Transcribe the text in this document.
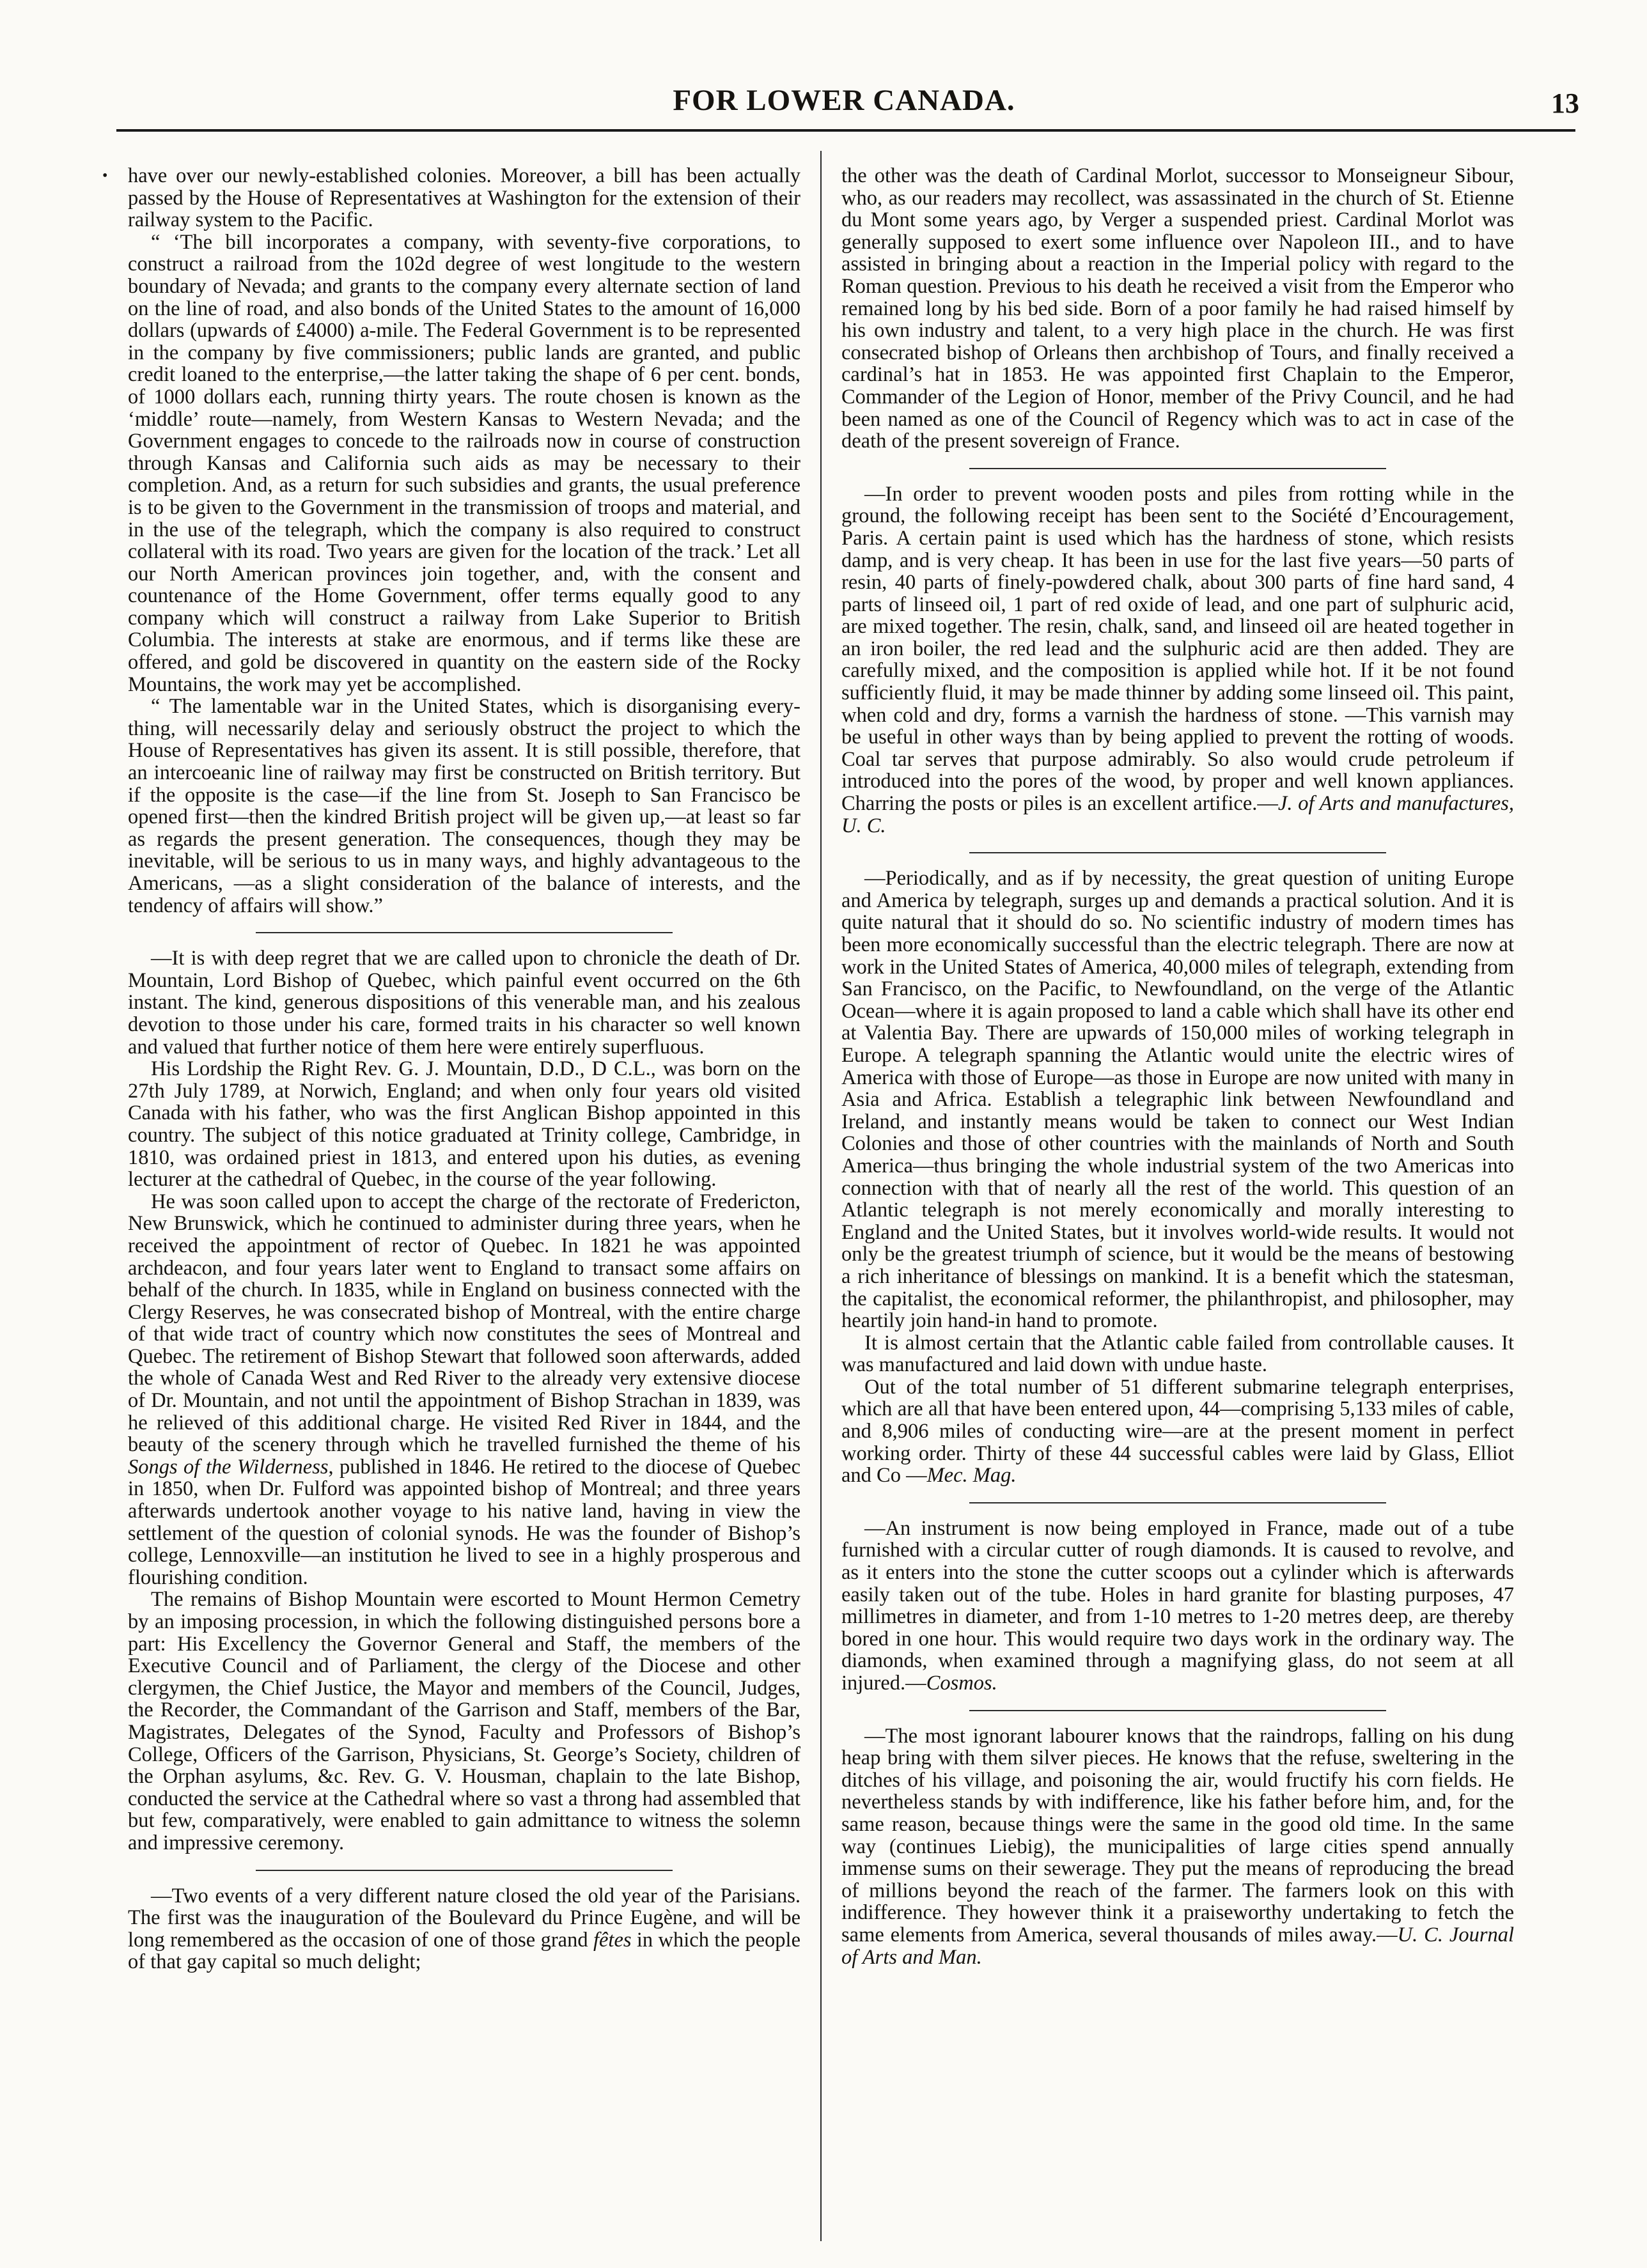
FOR LOWER CANADA.	13
• have over our newly-established colonies. Moreover, a bill has been actually passed by the House of Representatives at Washington for the extension of their railway system to the Pacific.

“ ‘The bill incorporates a company, with seventy-five corporations, to construct a railroad from the 102d degree of west longitude to the western boundary of Nevada; and grants to the company every alternate section of land on the line of road, and also bonds of the United States to the amount of 16,000 dollars (upwards of £4000) a-mile. The Federal Government is to be represented in the company by five commissioners; public lands are granted, and public credit loaned to the enterprise,—the latter taking the shape of 6 per cent. bonds, of 1000 dollars each, running thirty years. The route chosen is known as the ‘middle’ route—namely, from Western Kansas to Western Nevada; and the Government engages to concede to the railroads now in course of construction through Kansas and California such aids as may be necessary to their completion. And, as a return for such subsidies and grants, the usual preference is to be given to the Government in the transmission of troops and material, and in the use of the telegraph, which the company is also required to construct collateral with its road. Two years are given for the location of the track.’ Let all our North American provinces join together, and, with the consent and countenance of the Home Government, offer terms equally good to any company which will construct a railway from Lake Superior to British Columbia. The interests at stake are enormous, and if terms like these are offered, and gold be discovered in quantity on the eastern side of the Rocky Mountains, the work may yet be accomplished.

“ The lamentable war in the United States, which is disorganising every-thing, will necessarily delay and seriously obstruct the project to which the House of Representatives has given its assent. It is still possible, therefore, that an intercoeanic line of railway may first be constructed on British territory. But if the opposite is the case—if the line from St. Joseph to San Francisco be opened first—then the kindred British project will be given up,—at least so far as regards the present generation. The consequences, though they may be inevitable, will be serious to us in many ways, and highly advantageous to the Americans, —as a slight consideration of the balance of interests, and the tendency of affairs will show.”

—It is with deep regret that we are called upon to chronicle the death of Dr. Mountain, Lord Bishop of Quebec, which painful event occurred on the 6th instant. The kind, generous dispositions of this venerable man, and his zealous devotion to those under his care, formed traits in his character so well known and valued that further notice of them here were entirely superfluous.

His Lordship the Right Rev. G. J. Mountain, D.D., D C.L., was born on the 27th July 1789, at Norwich, England; and when only four years old visited Canada with his father, who was the first Anglican Bishop appointed in this country. The subject of this notice graduated at Trinity college, Cambridge, in 1810, was ordained priest in 1813, and entered upon his duties, as evening lecturer at the cathedral of Quebec, in the course of the year following.

He was soon called upon to accept the charge of the rectorate of Fredericton, New Brunswick, which he continued to administer during three years, when he received the appointment of rector of Quebec. In 1821 he was appointed archdeacon, and four years later went to England to transact some affairs on behalf of the church. In 1835, while in England on business connected with the Clergy Reserves, he was consecrated bishop of Montreal, with the entire charge of that wide tract of country which now constitutes the sees of Montreal and Quebec. The retirement of Bishop Stewart that followed soon afterwards, added the whole of Canada West and Red River to the already very extensive diocese of Dr. Mountain, and not until the appointment of Bishop Strachan in 1839, was he relieved of this additional charge. He visited Red River in 1844, and the beauty of the scenery through which he travelled furnished the theme of his Songs of the Wilderness, published in 1846. He retired to the diocese of Quebec in 1850, when Dr. Fulford was appointed bishop of Montreal; and three years afterwards undertook another voyage to his native land, having in view the settlement of the question of colonial synods. He was the founder of Bishop’s college, Lennoxville—an institution he lived to see in a highly prosperous and flourishing condition.

The remains of Bishop Mountain were escorted to Mount Hermon Cemetry by an imposing procession, in which the following distinguished persons bore a part: His Excellency the Governor General and Staff, the members of the Executive Council and of Parliament, the clergy of the Diocese and other clergymen, the Chief Justice, the Mayor and members of the Council, Judges, the Recorder, the Commandant of the Garrison and Staff, members of the Bar, Magistrates, Delegates of the Synod, Faculty and Professors of Bishop’s College, Officers of the Garrison, Physicians, St. George’s Society, children of the Orphan asylums, &c. Rev. G. V. Housman, chaplain to the late Bishop, conducted the service at the Cathedral where so vast a throng had assembled that but few, comparatively, were enabled to gain admittance to witness the solemn and impressive ceremony.

—Two events of a very different nature closed the old year of the Parisians. The first was the inauguration of the Boulevard du Prince Eugène, and will be long remembered as the occasion of one of those grand fêtes in which the people of that gay capital so much delight;

the other was the death of Cardinal Morlot, successor to Monseigneur Sibour, who, as our readers may recollect, was assassinated in the church of St. Etienne du Mont some years ago, by Verger a suspended priest. Cardinal Morlot was generally supposed to exert some influence over Napoleon III., and to have assisted in bringing about a reaction in the Imperial policy with regard to the Roman question. Previous to his death he received a visit from the Emperor who remained long by his bed side. Born of a poor family he had raised himself by his own industry and talent, to a very high place in the church. He was first consecrated bishop of Orleans then archbishop of Tours, and finally received a cardinal’s hat in 1853. He was appointed first Chaplain to the Emperor, Commander of the Legion of Honor, member of the Privy Council, and he had been named as one of the Council of Regency which was to act in case of the death of the present sovereign of France.

—In order to prevent wooden posts and piles from rotting while in the ground, the following receipt has been sent to the Société d’Encouragement, Paris. A certain paint is used which has the hardness of stone, which resists damp, and is very cheap. It has been in use for the last five years—50 parts of resin, 40 parts of finely-powdered chalk, about 300 parts of fine hard sand, 4 parts of linseed oil, 1 part of red oxide of lead, and one part of sulphuric acid, are mixed together. The resin, chalk, sand, and linseed oil are heated together in an iron boiler, the red lead and the sulphuric acid are then added. They are carefully mixed, and the composition is applied while hot. If it be not found sufficiently fluid, it may be made thinner by adding some linseed oil. This paint, when cold and dry, forms a varnish the hardness of stone. —This varnish may be useful in other ways than by being applied to prevent the rotting of woods. Coal tar serves that purpose admirably. So also would crude petroleum if introduced into the pores of the wood, by proper and well known appliances. Charring the posts or piles is an excellent artifice.—J. of Arts and manufactures, U. C.

—Periodically, and as if by necessity, the great question of uniting Europe and America by telegraph, surges up and demands a practical solution. And it is quite natural that it should do so. No scientific industry of modern times has been more economically successful than the electric telegraph. There are now at work in the United States of America, 40,000 miles of telegraph, extending from San Francisco, on the Pacific, to Newfoundland, on the verge of the Atlantic Ocean—where it is again proposed to land a cable which shall have its other end at Valentia Bay. There are upwards of 150,000 miles of working telegraph in Europe. A telegraph spanning the Atlantic would unite the electric wires of America with those of Europe—as those in Europe are now united with many in Asia and Africa. Establish a telegraphic link between Newfoundland and Ireland, and instantly means would be taken to connect our West Indian Colonies and those of other countries with the mainlands of North and South America—thus bringing the whole industrial system of the two Americas into connection with that of nearly all the rest of the world. This question of an Atlantic telegraph is not merely economically and morally interesting to England and the United States, but it involves world-wide results. It would not only be the greatest triumph of science, but it would be the means of bestowing a rich inheritance of blessings on mankind. It is a benefit which the statesman, the capitalist, the economical reformer, the philanthropist, and philosopher, may heartily join hand-in hand to promote.

It is almost certain that the Atlantic cable failed from controllable causes. It was manufactured and laid down with undue haste.

Out of the total number of 51 different submarine telegraph enterprises, which are all that have been entered upon, 44—comprising 5,133 miles of cable, and 8,906 miles of conducting wire—are at the present moment in perfect working order. Thirty of these 44 successful cables were laid by Glass, Elliot and Co —Mec. Mag.

—An instrument is now being employed in France, made out of a tube furnished with a circular cutter of rough diamonds. It is caused to revolve, and as it enters into the stone the cutter scoops out a cylinder which is afterwards easily taken out of the tube. Holes in hard granite for blasting purposes, 47 millimetres in diameter, and from 1-10 metres to 1-20 metres deep, are thereby bored in one hour. This would require two days work in the ordinary way. The diamonds, when examined through a magnifying glass, do not seem at all injured.—Cosmos.

—The most ignorant labourer knows that the raindrops, falling on his dung heap bring with them silver pieces. He knows that the refuse, sweltering in the ditches of his village, and poisoning the air, would fructify his corn fields. He nevertheless stands by with indifference, like his father before him, and, for the same reason, because things were the same in the good old time. In the same way (continues Liebig), the municipalities of large cities spend annually immense sums on their sewerage. They put the means of reproducing the bread of millions beyond the reach of the farmer. The farmers look on this with indifference. They however think it a praiseworthy undertaking to fetch the same elements from America, several thousands of miles away.—U. C. Journal of Arts and Man.
